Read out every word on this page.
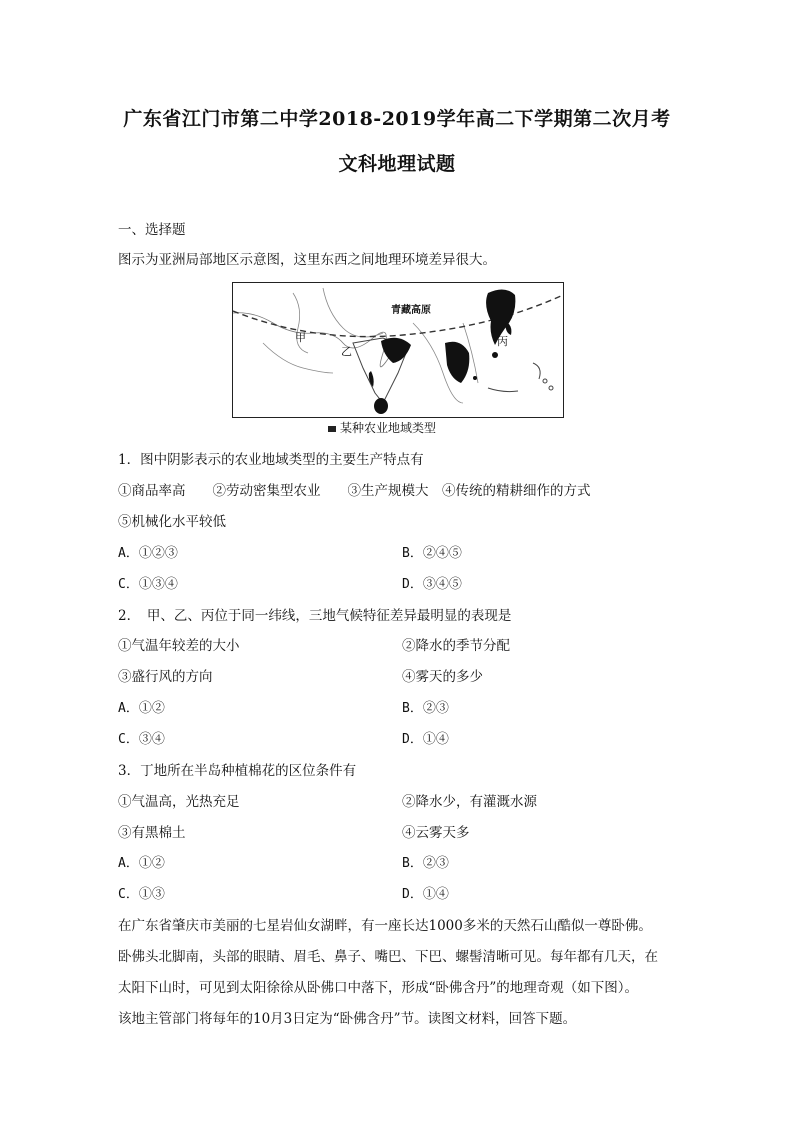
广东省江门市第二中学2018-2019学年高二下学期第二次月考
文科地理试题
一、选择题
图示为亚洲局部地区示意图，这里东西之间地理环境差异很大。
青藏高原
甲
乙
丙
某种农业地域类型
1．图中阴影表示的农业地域类型的主要生产特点有
①商品率高　　②劳动密集型农业　　③生产规模大　④传统的精耕细作的方式
⑤机械化水平较低
A．①②③	B．②④⑤
C．①③④	D．③④⑤
2．　甲、乙、丙位于同一纬线，三地气候特征差异最明显的表现是
①气温年较差的大小	②降水的季节分配
③盛行风的方向	④雾天的多少
A．①②	B．②③
C．③④	D．①④
3．丁地所在半岛种植棉花的区位条件有
①气温高，光热充足	②降水少，有灌溉水源
③有黑棉土	④云雾天多
A．①②	B．②③
C．①③	D．①④
在广东省肇庆市美丽的七星岩仙女湖畔，有一座长达1000多米的天然石山酷似一尊卧佛。
卧佛头北脚南，头部的眼睛、眉毛、鼻子、嘴巴、下巴、螺髻清晰可见。每年都有几天，在
太阳下山时，可见到太阳徐徐从卧佛口中落下，形成“卧佛含丹”的地理奇观（如下图）。
该地主管部门将每年的10月3日定为“卧佛含丹”节。读图文材料，回答下题。
